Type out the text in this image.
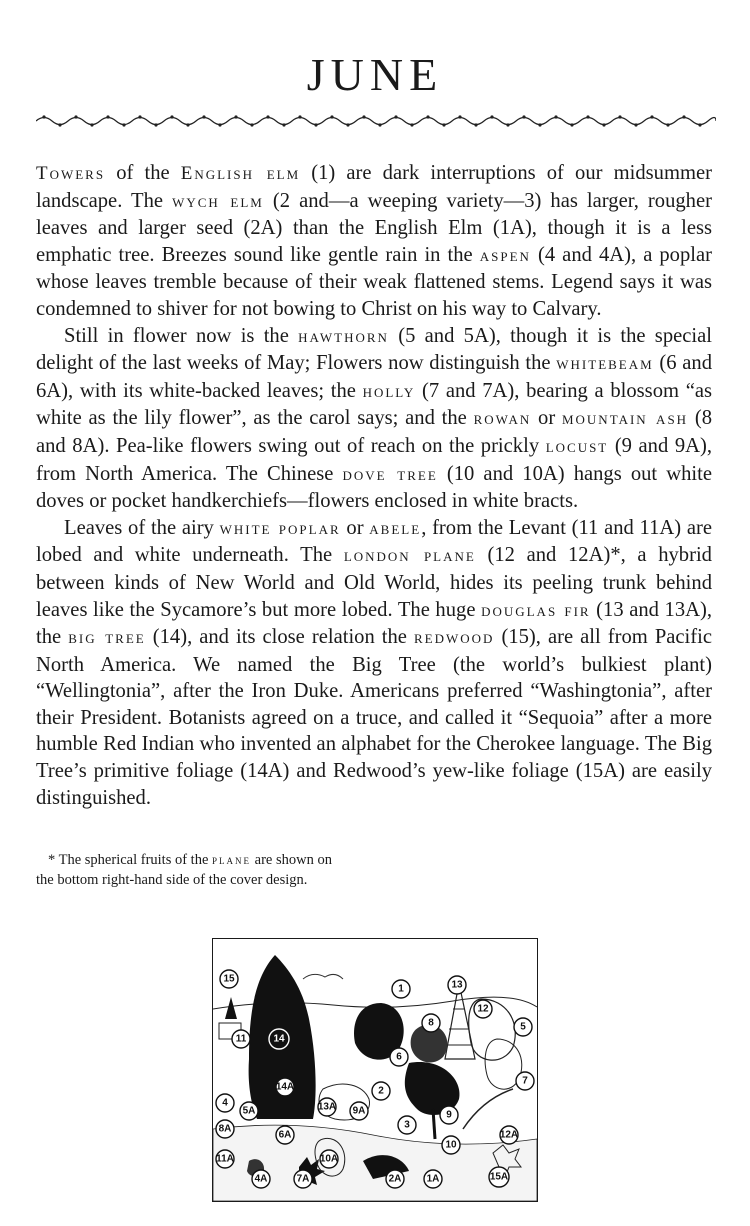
JUNE

Towers of the English elm (1) are dark interruptions of our midsummer landscape. The wych elm (2 and—a weeping variety—3) has larger, rougher leaves and larger seed (2A) than the English Elm (1A), though it is a less emphatic tree. Breezes sound like gentle rain in the aspen (4 and 4A), a poplar whose leaves tremble because of their weak flattened stems. Legend says it was condemned to shiver for not bowing to Christ on his way to Calvary.

Still in flower now is the hawthorn (5 and 5A), though it is the special delight of the last weeks of May; Flowers now distinguish the whitebeam (6 and 6A), with its white-backed leaves; the holly (7 and 7A), bearing a blossom “as white as the lily flower”, as the carol says; and the rowan or mountain ash (8 and 8A). Pea-like flowers swing out of reach on the prickly locust (9 and 9A), from North America. The Chinese dove tree (10 and 10A) hangs out white doves or pocket handkerchiefs—flowers enclosed in white bracts.

Leaves of the airy white poplar or abele, from the Levant (11 and 11A) are lobed and white underneath. The london plane (12 and 12A)*, a hybrid between kinds of New World and Old World, hides its peeling trunk behind leaves like the Sycamore’s but more lobed. The huge douglas fir (13 and 13A), the big tree (14), and its close relation the redwood (15), are all from Pacific North America. We named the Big Tree (the world’s bulkiest plant) “Wellingtonia”, after the Iron Duke. Americans preferred “Washingtonia”, after their President. Botanists agreed on a truce, and called it “Sequoia” after a more humble Red Indian who invented an alphabet for the Cherokee language. The Big Tree’s primitive foliage (14A) and Redwood’s yew-like foliage (15A) are easily distinguished.

* The spherical fruits of the plane are shown on
the bottom right-hand side of the cover design.
15
1	13
12
14
11
8	5
6
7
14A
4
2
5A	13A 9A
3
9
8A
6A	12A
10
11A	10A
4A	7A	2A	1A	15A
